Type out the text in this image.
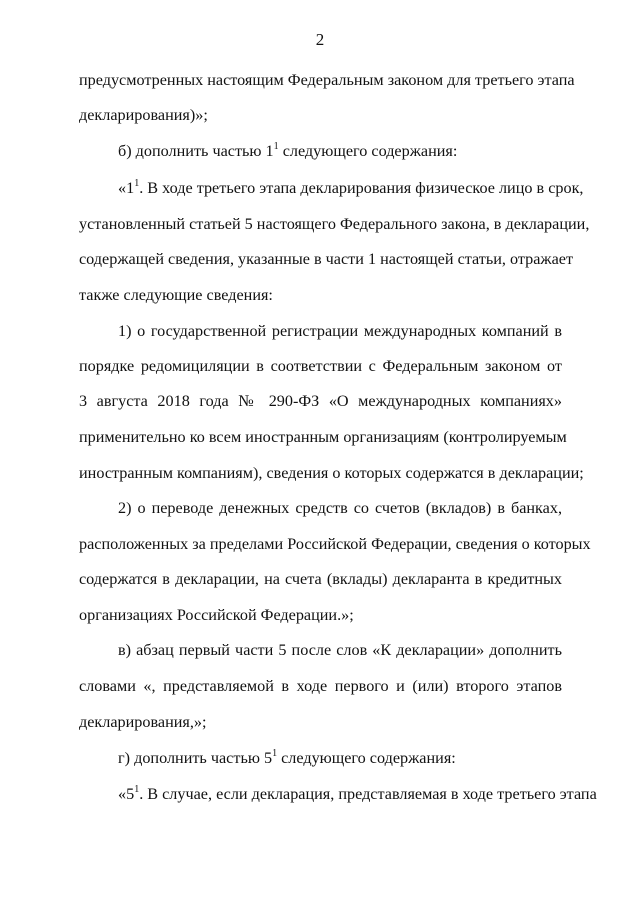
2
предусмотренных настоящим Федеральным законом для третьего этапа
декларирования)»;
б) дополнить частью $1^1$ следующего содержания:
«$1^1$. В ходе третьего этапа декларирования физическое лицо в срок,
установленный статьей 5 настоящего Федерального закона, в декларации,
содержащей сведения, указанные в части 1 настоящей статьи, отражает
также следующие сведения:
1) о государственной регистрации международных компаний в
порядке редомициляции в соответствии с Федеральным законом от
3 августа 2018 года № 290-ФЗ «О международных компаниях»
применительно ко всем иностранным организациям (контролируемым
иностранным компаниям), сведения о которых содержатся в декларации;
2) о переводе денежных средств со счетов (вкладов) в банках,
расположенных за пределами Российской Федерации, сведения о которых
содержатся в декларации, на счета (вклады) декларанта в кредитных
организациях Российской Федерации.»;
в) абзац первый части 5 после слов «К декларации» дополнить
словами «, представляемой в ходе первого и (или) второго этапов
декларирования,»;
г) дополнить частью $5^1$ следующего содержания:
«$5^1$. В случае, если декларация, представляемая в ходе третьего этапа
